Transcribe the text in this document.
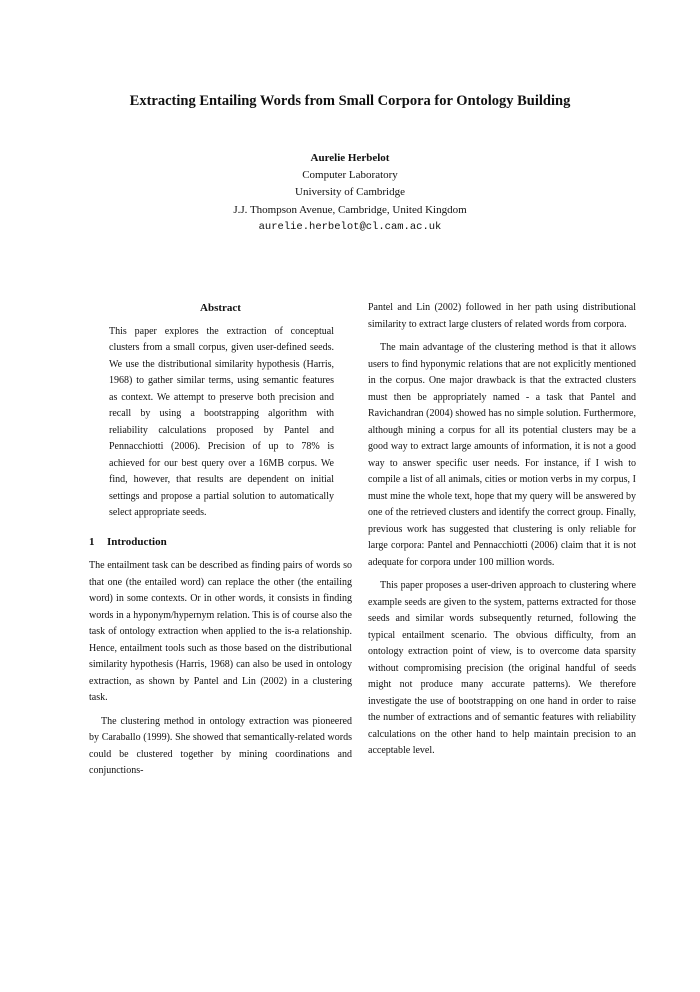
Extracting Entailing Words from Small Corpora for Ontology Building
Aurelie Herbelot
Computer Laboratory
University of Cambridge
J.J. Thompson Avenue, Cambridge, United Kingdom
aurelie.herbelot@cl.cam.ac.uk
Abstract

This paper explores the extraction of conceptual clusters from a small corpus, given user-defined seeds. We use the distributional similarity hypothesis (Harris, 1968) to gather similar terms, using semantic features as context. We attempt to preserve both precision and recall by using a bootstrapping algorithm with reliability calculations proposed by Pantel and Pennacchiotti (2006). Precision of up to 78% is achieved for our best query over a 16MB corpus. We find, however, that results are dependent on initial settings and propose a partial solution to automatically select appropriate seeds.

1 Introduction

The entailment task can be described as finding pairs of words so that one (the entailed word) can replace the other (the entailing word) in some contexts. Or in other words, it consists in finding words in a hyponym/hypernym relation. This is of course also the task of ontology extraction when applied to the is-a relationship. Hence, entailment tools such as those based on the distributional similarity hypothesis (Harris, 1968) can also be used in ontology extraction, as shown by Pantel and Lin (2002) in a clustering task.

The clustering method in ontology extraction was pioneered by Caraballo (1999). She showed that semantically-related words could be clustered together by mining coordinations and conjunctions-

Pantel and Lin (2002) followed in her path using distributional similarity to extract large clusters of related words from corpora.

The main advantage of the clustering method is that it allows users to find hyponymic relations that are not explicitly mentioned in the corpus. One major drawback is that the extracted clusters must then be appropriately named - a task that Pantel and Ravichandran (2004) showed has no simple solution. Furthermore, although mining a corpus for all its potential clusters may be a good way to extract large amounts of information, it is not a good way to answer specific user needs. For instance, if I wish to compile a list of all animals, cities or motion verbs in my corpus, I must mine the whole text, hope that my query will be answered by one of the retrieved clusters and identify the correct group. Finally, previous work has suggested that clustering is only reliable for large corpora: Pantel and Pennacchiotti (2006) claim that it is not adequate for corpora under 100 million words.

This paper proposes a user-driven approach to clustering where example seeds are given to the system, patterns extracted for those seeds and similar words subsequently returned, following the typical entailment scenario. The obvious difficulty, from an ontology extraction point of view, is to overcome data sparsity without compromising precision (the original handful of seeds might not produce many accurate patterns). We therefore investigate the use of bootstrapping on one hand in order to raise the number of extractions and of semantic features with reliability calculations on the other hand to help maintain precision to an acceptable level.
